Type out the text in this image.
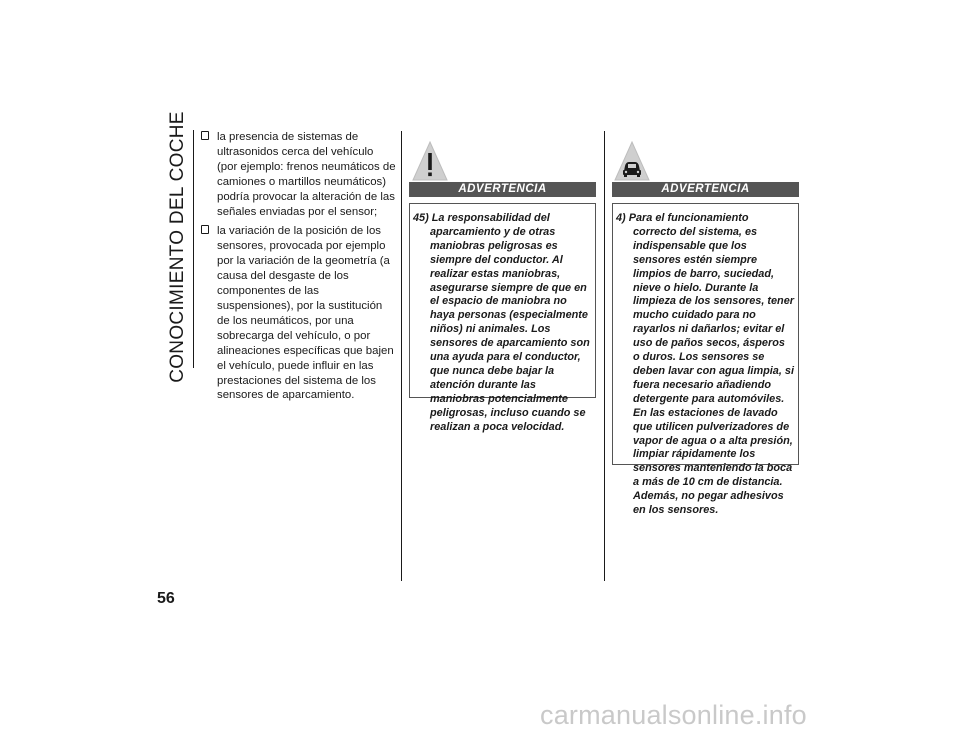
CONOCIMIENTO DEL COCHE
56
la presencia de sistemas de ultrasonidos cerca del vehículo (por ejemplo: frenos neumáticos de camiones o martillos neumáticos) podría provocar la alteración de las señales enviadas por el sensor;
la variación de la posición de los sensores, provocada por ejemplo por la variación de la geometría (a causa del desgaste de los componentes de las suspensiones), por la sustitución de los neumáticos, por una sobrecarga del vehículo, o por alineaciones específicas que bajen el vehículo, puede influir en las prestaciones del sistema de los sensores de aparcamiento.
ADVERTENCIA
45) La responsabilidad del aparcamiento y de otras maniobras peligrosas es siempre del conductor. Al realizar estas maniobras, asegurarse siempre de que en el espacio de maniobra no haya personas (especialmente niños) ni animales. Los sensores de aparcamiento son una ayuda para el conductor, que nunca debe bajar la atención durante las maniobras potencialmente peligrosas, incluso cuando se realizan a poca velocidad.
ADVERTENCIA
4) Para el funcionamiento correcto del sistema, es indispensable que los sensores estén siempre limpios de barro, suciedad, nieve o hielo. Durante la limpieza de los sensores, tener mucho cuidado para no rayarlos ni dañarlos; evitar el uso de paños secos, ásperos o duros. Los sensores se deben lavar con agua limpia, si fuera necesario añadiendo detergente para automóviles. En las estaciones de lavado que utilicen pulverizadores de vapor de agua o a alta presión, limpiar rápidamente los sensores manteniendo la boca a más de 10 cm de distancia. Además, no pegar adhesivos en los sensores.
carmanualsonline.info
